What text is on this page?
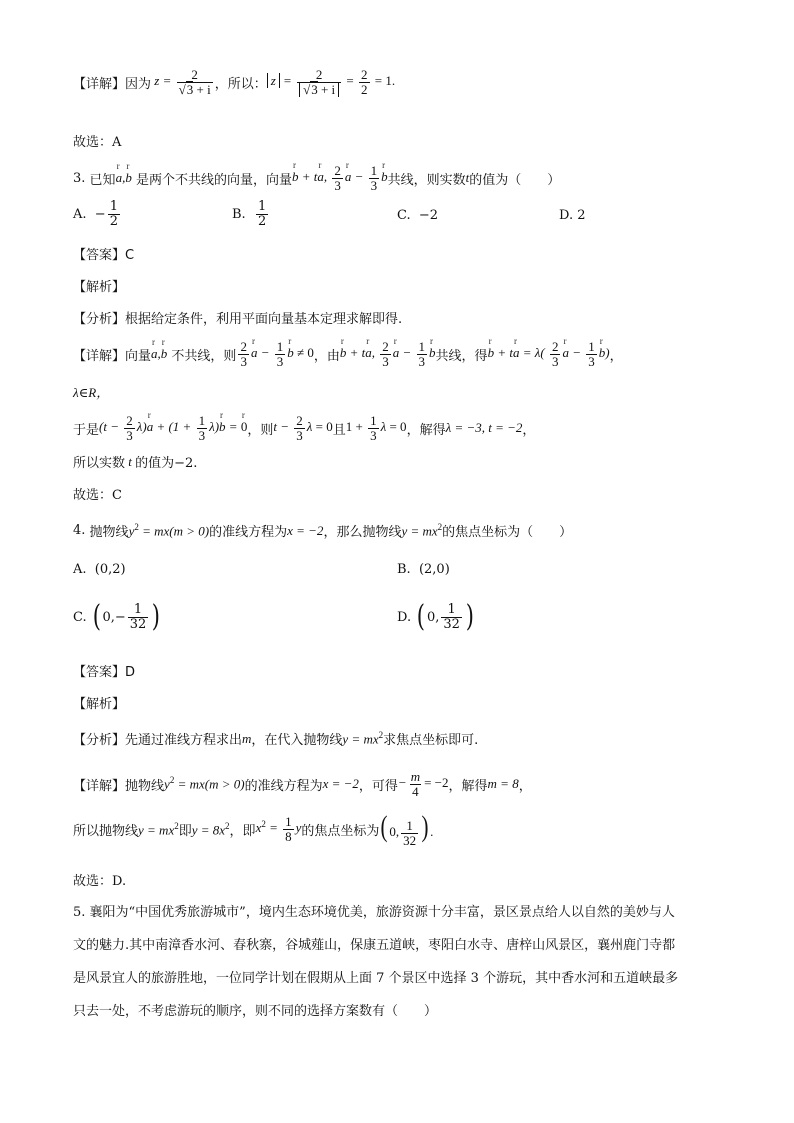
【详解】 因为 $z = \frac{2}{√3 + i}$ ，所以： $z = \frac{2}{√3 + i} = \frac{2}{2} = 1$.
故选：A
3.
已知 r a,r b
是两个不共线的向量，向量 r b + tr a, $\frac{2}{3}$ r $a - \frac{1}{3}$ r b 共线，则实数 t 的值为（　　）
A.
− $\frac{1}{2}$	B.
$\frac{1}{2}$	C.
−2	D.
2
【答案】C
【解析】
【分析】根据给定条件，利用平面向量基本定理求解即得.
【详解】 向量 r a,r b
不共线，则 $\frac{2}{3}$ r $a - \frac{1}{3}$ r b ≠ 0 ，由 r b + tr a, $\frac{2}{3}$ r $a - \frac{1}{3}$ r b 共线，得 r b + tr $a = \lambda( \frac{2}{3}$ r $a - \frac{1}{3}$ r b) ，
λ∈R，
于是 $(t - \frac{2}{3} \lambda)r$ $a + (1 + \frac{1}{3} \lambda)r$ b = r 0 ，则 $t - \frac{2}{3}$ λ = 0 且 $1 + \frac{1}{3}$ λ = 0 ，解得 λ = −3, t = −2 ，
所以实数 t 的值为−2.
故选：C
4.
抛物线 $y^2 = mx(m > 0)$ 的准线方程为 x = −2 ，那么抛物线 $y = mx^2$ 的焦点坐标为（　　）
A.
(0,2)	B.
(2,0)
C.
( $0,- \frac{1}{32}$ )	D.
( 0, $\frac{1}{32}$ )
【答案】D
【解析】
【分析】先通过准线方程求出 m ，在代入抛物线 $y = mx^2$ 求焦点坐标即可.
【详解】 抛物线 $y^2 = mx(m > 0)$ 的准线方程为 x = −2 ，可得 − $\frac{m}{4} = -2$ ，解得 m = 8 ，
所以抛物线 $y = mx^2$ 即 $y = 8x^2$ ，即 $x^2 = \frac{1}{8}$ y 的焦点坐标为 ( 0, $\frac{1}{32}$ ) .
故选：D.
5. 襄阳为“中国优秀旅游城市”，境内生态环境优美，旅游资源十分丰富，景区景点给人以自然的美妙与人
文的魅力.其中南漳香水河、春秋寨，谷城薤山，保康五道峡，枣阳白水寺、唐梓山风景区，襄州鹿门寺都
是风景宜人的旅游胜地，一位同学计划在假期从上面 7 个景区中选择 3 个游玩，其中香水河和五道峡最多
只去一处，不考虑游玩的顺序，则不同的选择方案数有（　　）
